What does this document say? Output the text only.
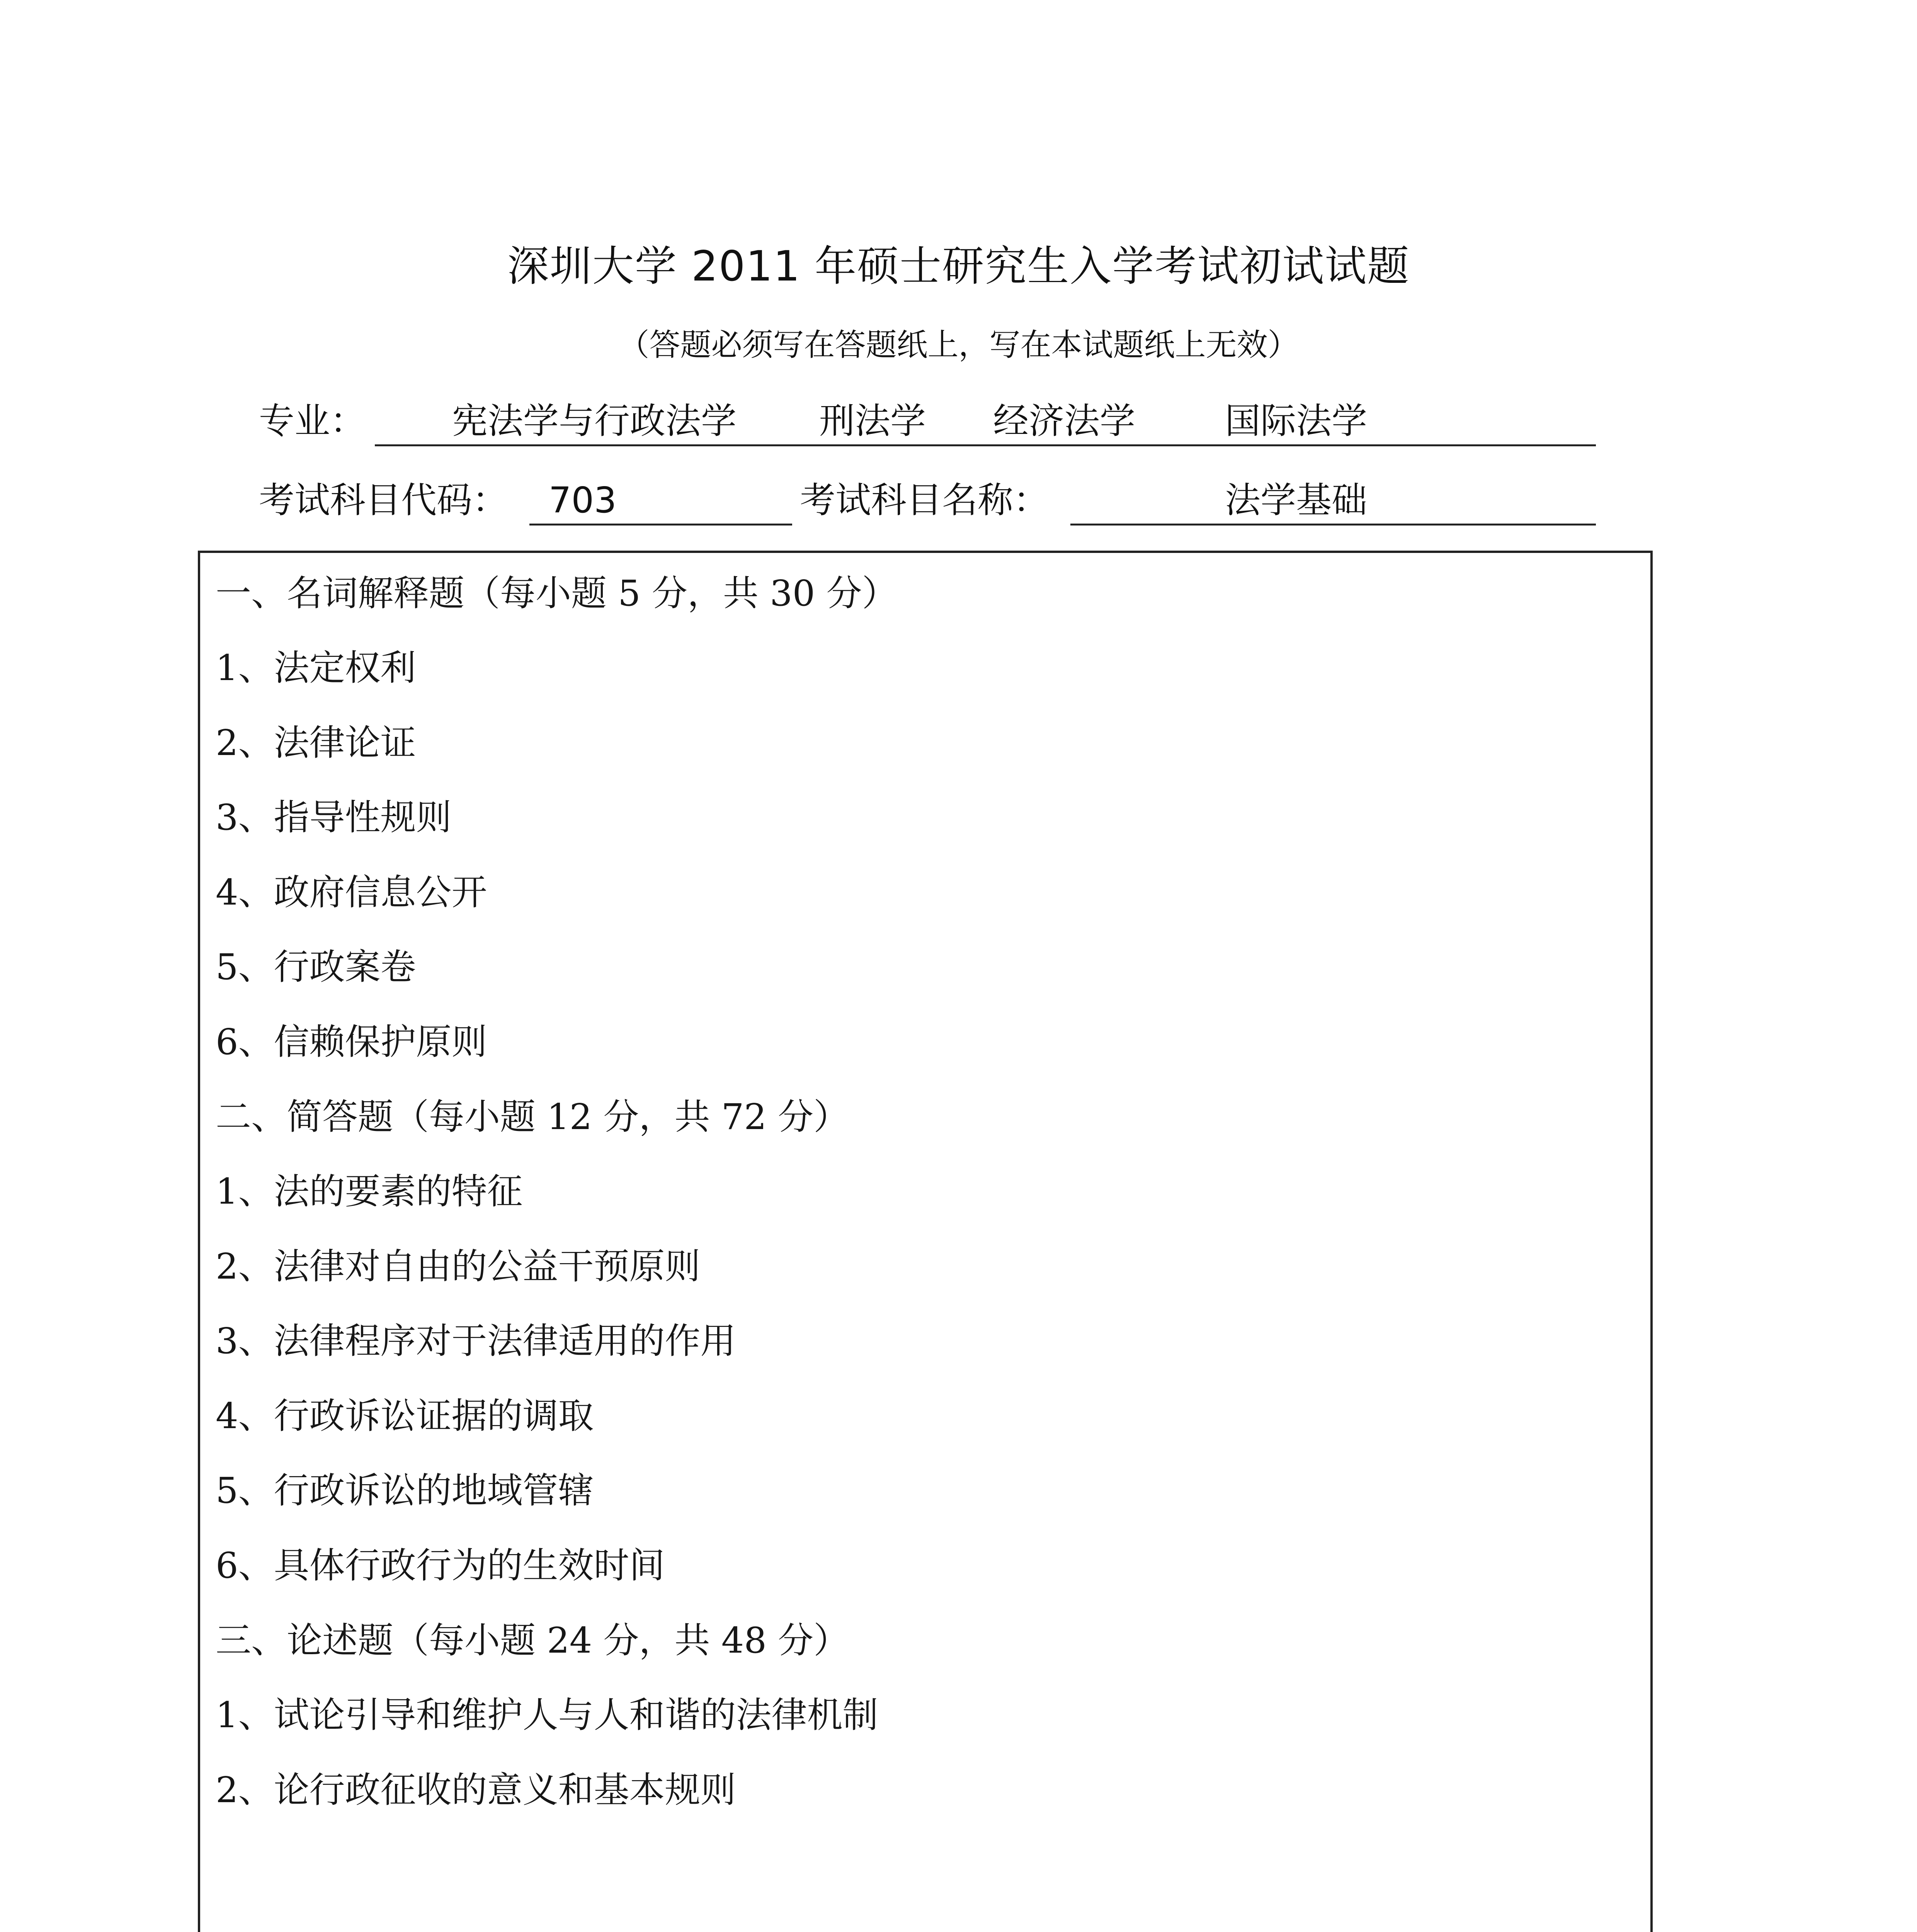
深圳大学 2011 年硕士研究生入学考试初试试题
（答题必须写在答题纸上，写在本试题纸上无效）
专业： 宪法学与行政法学 刑法学 经济法学	国际法学
考试科目代码： 703	考试科目名称：	法学基础
一、名词解释题（每小题 5 分，共 30 分）
1、法定权利
2、法律论证
3、指导性规则
4、政府信息公开
5、行政案卷
6、信赖保护原则
二、简答题（每小题 12 分，共 72 分）
1、法的要素的特征
2、法律对自由的公益干预原则
3、法律程序对于法律适用的作用
4、行政诉讼证据的调取
5、行政诉讼的地域管辖
6、具体行政行为的生效时间
三、论述题（每小题 24 分，共 48 分）
1、试论引导和维护人与人和谐的法律机制
2、论行政征收的意义和基本规则
